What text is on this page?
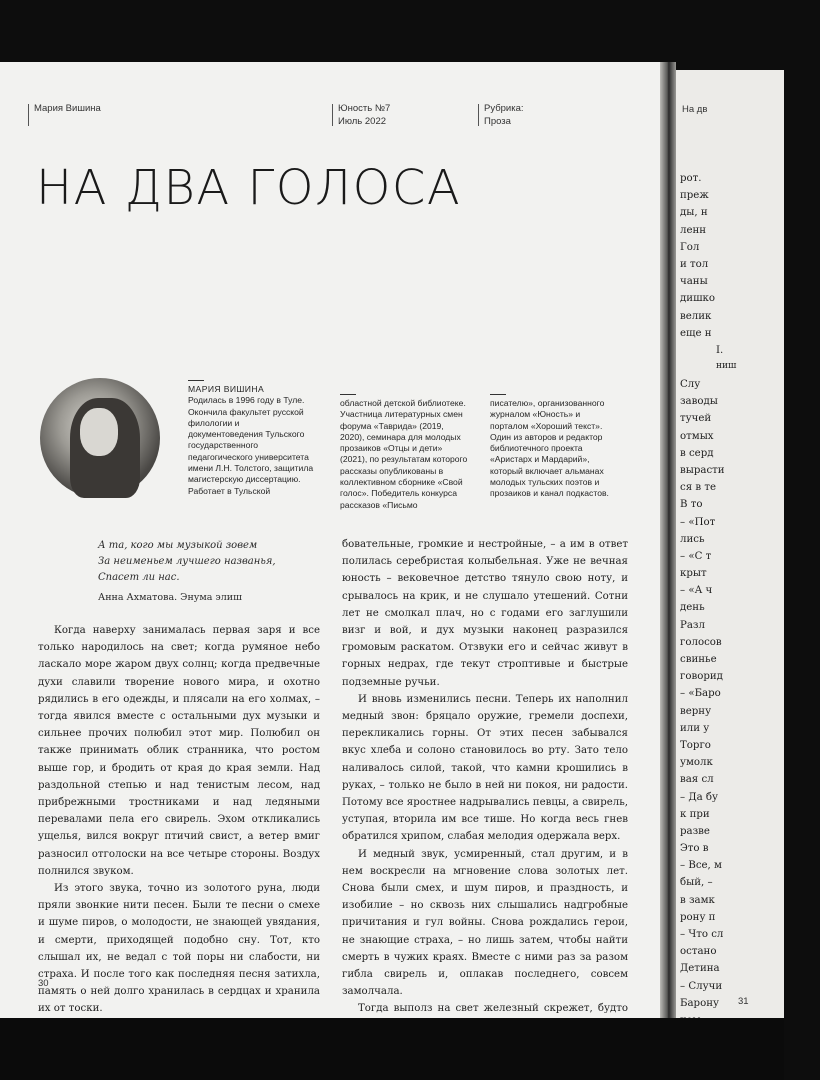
Мария Вишина	Юность №7
Июль 2022
Рубрика:
Проза
НА ДВА ГОЛОСА
МАРИЯ ВИШИНА
Родилась в 1996 году в Туле. Окончила факультет русской филологии и документоведения Тульского государственного педагогического университета имени Л.Н. Толстого, защитила магистерскую диссертацию. Работает в Тульской
областной детской библиотеке. Участница литературных смен форума «Таврида» (2019, 2020), семинара для молодых прозаиков «Отцы и дети» (2021), по результатам которого рассказы опубликованы в коллективном сборнике «Свой голос». Победитель конкурса рассказов «Письмо
писателю», организованного журналом «Юность» и порталом «Хороший текст». Один из авторов и редактор библиотечного проекта «Аристарх и Мардарий», который включает альманах молодых тульских поэтов и прозаиков и канал подкастов.
А та, кого мы музыкой зовем
За неименьем лучшего названья,
Спасет ли нас.
Анна Ахматова. Энума элиш

Когда наверху занималась первая заря и все только народилось на свет; когда румяное небо ласкало море жаром двух солнц; когда предвечные духи славили творение нового мира, и охотно рядились в его одежды, и плясали на его холмах, – тогда явился вместе с остальными дух музыки и сильнее прочих полюбил этот мир. Полюбил он также принимать облик странника, что ростом выше гор, и бродить от края до края земли. Над раздольной степью и над тенистым лесом, над прибрежными тростниками и над ледяными перевалами пела его свирель. Эхом откликались ущелья, вился вокруг птичий свист, а ветер вмиг разносил отголоски на все четыре стороны. Воздух полнился звуком.

Из этого звука, точно из золотого руна, люди пряли звонкие нити песен. Были те песни о смехе и шуме пиров, о молодости, не знающей увядания, и смерти, приходящей подобно сну. Тот, кто слышал их, не ведал с той поры ни слабости, ни страха. И после того как последняя песня затихла, память о ней долго хранилась в сердцах и хранила их от тоски.

бовательные, громкие и нестройные, – а им в ответ полилась серебристая колыбельная. Уже не вечная юность – вековечное детство тянуло свою ноту, и срывалось на крик, и не слушало утешений. Сотни лет не смолкал плач, но с годами его заглушили визг и вой, и дух музыки наконец разразился громовым раскатом. Отзвуки его и сейчас живут в горных недрах, где текут строптивые и быстрые подземные ручьи.

И вновь изменились песни. Теперь их наполнил медный звон: бряцало оружие, гремели доспехи, перекликались горны. От этих песен забывался вкус хлеба и солоно становилось во рту. Зато тело наливалось силой, такой, что камни крошились в руках, – только не было в ней ни покоя, ни радости. Потому все яростнее надрывались певцы, а свирель, уступая, вторила им все тише. Но когда весь гнев обратился хрипом, слабая мелодия одержала верх.

И медный звук, усмиренный, стал другим, и в нем воскресли на мгновение слова золотых лет. Снова были смех, и шум пиров, и праздность, и изобилие – но сквозь них слышались надгробные причитания и гул войны. Снова рождались герои, не знающие страха, – но лишь затем, чтобы найти смерть в чужих краях. Вместе с ними раз за разом гибла свирель и, оплакав последнего, совсем замолчала.

Тогда выполз на свет железный скрежет, будто

30
На дв
рот.
преж
ды, н
ленн
Гол
и тол
чаны
дишко
велик
еще н
I.
ниш
Слу
заводы
тучей
отмых
в серд
вырасти
ся в те
В то
– «Пот
лись
– «С т
крыт
– «А ч
день
Разл
голосов
свинье
говорид
– «Баро
верну
или у
Торго
умолк
вая сл
– Да бу
к при
разве
Это в
– Все, м
бый, –
в замк
рону п
– Что сл
остано
Детина
– Случи
Барону	31
